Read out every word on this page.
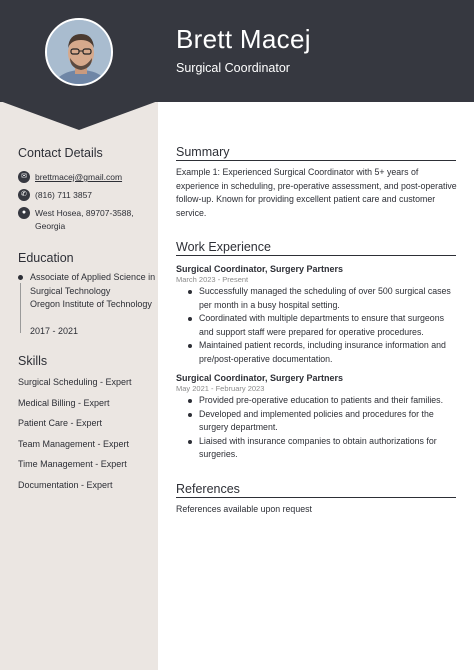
Brett Macej
Surgical Coordinator
Contact Details
✉ brettmacej@gmail.com
✆ (816) 711 3857
●	West Hosea, 89707-3588, Georgia
Education
Associate of Applied Science in Surgical Technology
Oregon Institute of Technology
2017 - 2021
Skills
Surgical Scheduling - Expert
Medical Billing - Expert
Patient Care - Expert
Team Management - Expert
Time Management - Expert
Documentation - Expert
Summary
Example 1: Experienced Surgical Coordinator with 5+ years of experience in scheduling, pre-operative assessment, and post-operative follow-up. Known for providing excellent patient care and customer service.
Work Experience
Surgical Coordinator, Surgery Partners
March 2023 - Present
Successfully managed the scheduling of over 500 surgical cases per month in a busy hospital setting.
Coordinated with multiple departments to ensure that surgeons and support staff were prepared for operative procedures.
Maintained patient records, including insurance information and pre/post-operative documentation.
Surgical Coordinator, Surgery Partners
May 2021 - February 2023
Provided pre-operative education to patients and their families.
Developed and implemented policies and procedures for the surgery department.
Liaised with insurance companies to obtain authorizations for surgeries.
References
References available upon request
